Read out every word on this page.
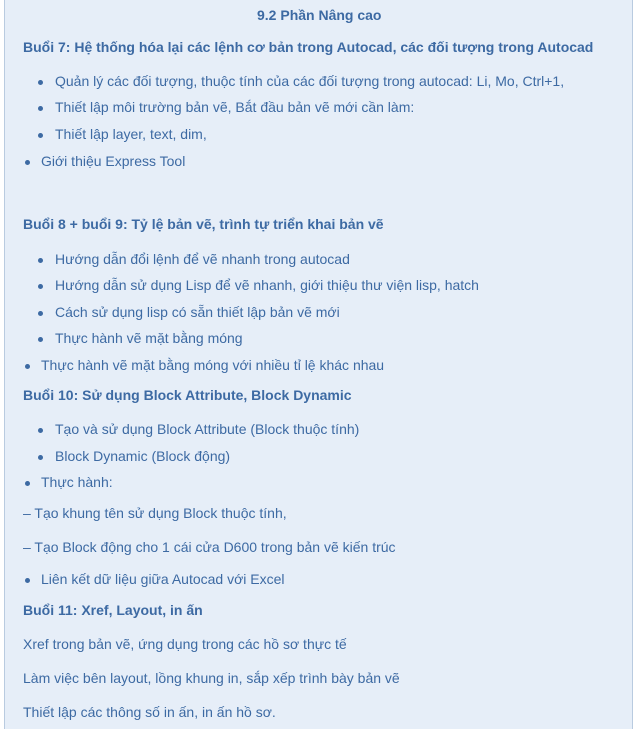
9.2 Phần Nâng cao
Buổi 7: Hệ thống hóa lại các lệnh cơ bản trong Autocad, các đối tượng trong Autocad
Quản lý các đối tượng, thuộc tính của các đối tượng trong autocad: Li, Mo, Ctrl+1,
Thiết lập môi trường bản vẽ, Bắt đầu bản vẽ mới cần làm:
Thiết lập layer, text, dim,
Giới thiệu Express Tool
Buổi 8 + buổi 9: Tỷ lệ bản vẽ, trình tự triển khai bản vẽ
Hướng dẫn đổi lệnh để vẽ nhanh trong autocad
Hướng dẫn sử dụng Lisp để vẽ nhanh, giới thiệu thư viện lisp, hatch
Cách sử dụng lisp có sẵn thiết lập bản vẽ mới
Thực hành vẽ mặt bằng móng
Thực hành vẽ mặt bằng móng với nhiều tỉ lệ khác nhau
Buổi 10: Sử dụng Block Attribute, Block Dynamic
Tạo và sử dụng Block Attribute (Block thuộc tính)
Block Dynamic (Block động)
Thực hành:
– Tạo khung tên sử dụng Block thuộc tính,
– Tạo Block động cho 1 cái cửa D600 trong bản vẽ kiến trúc
Liên kết dữ liệu giữa Autocad với Excel
Buổi 11: Xref, Layout, in ấn
Xref trong bản vẽ, ứng dụng trong các hồ sơ thực tế
Làm việc bên layout, lồng khung in, sắp xếp trình bày bản vẽ
Thiết lập các thông số in ấn, in ấn hồ sơ.
